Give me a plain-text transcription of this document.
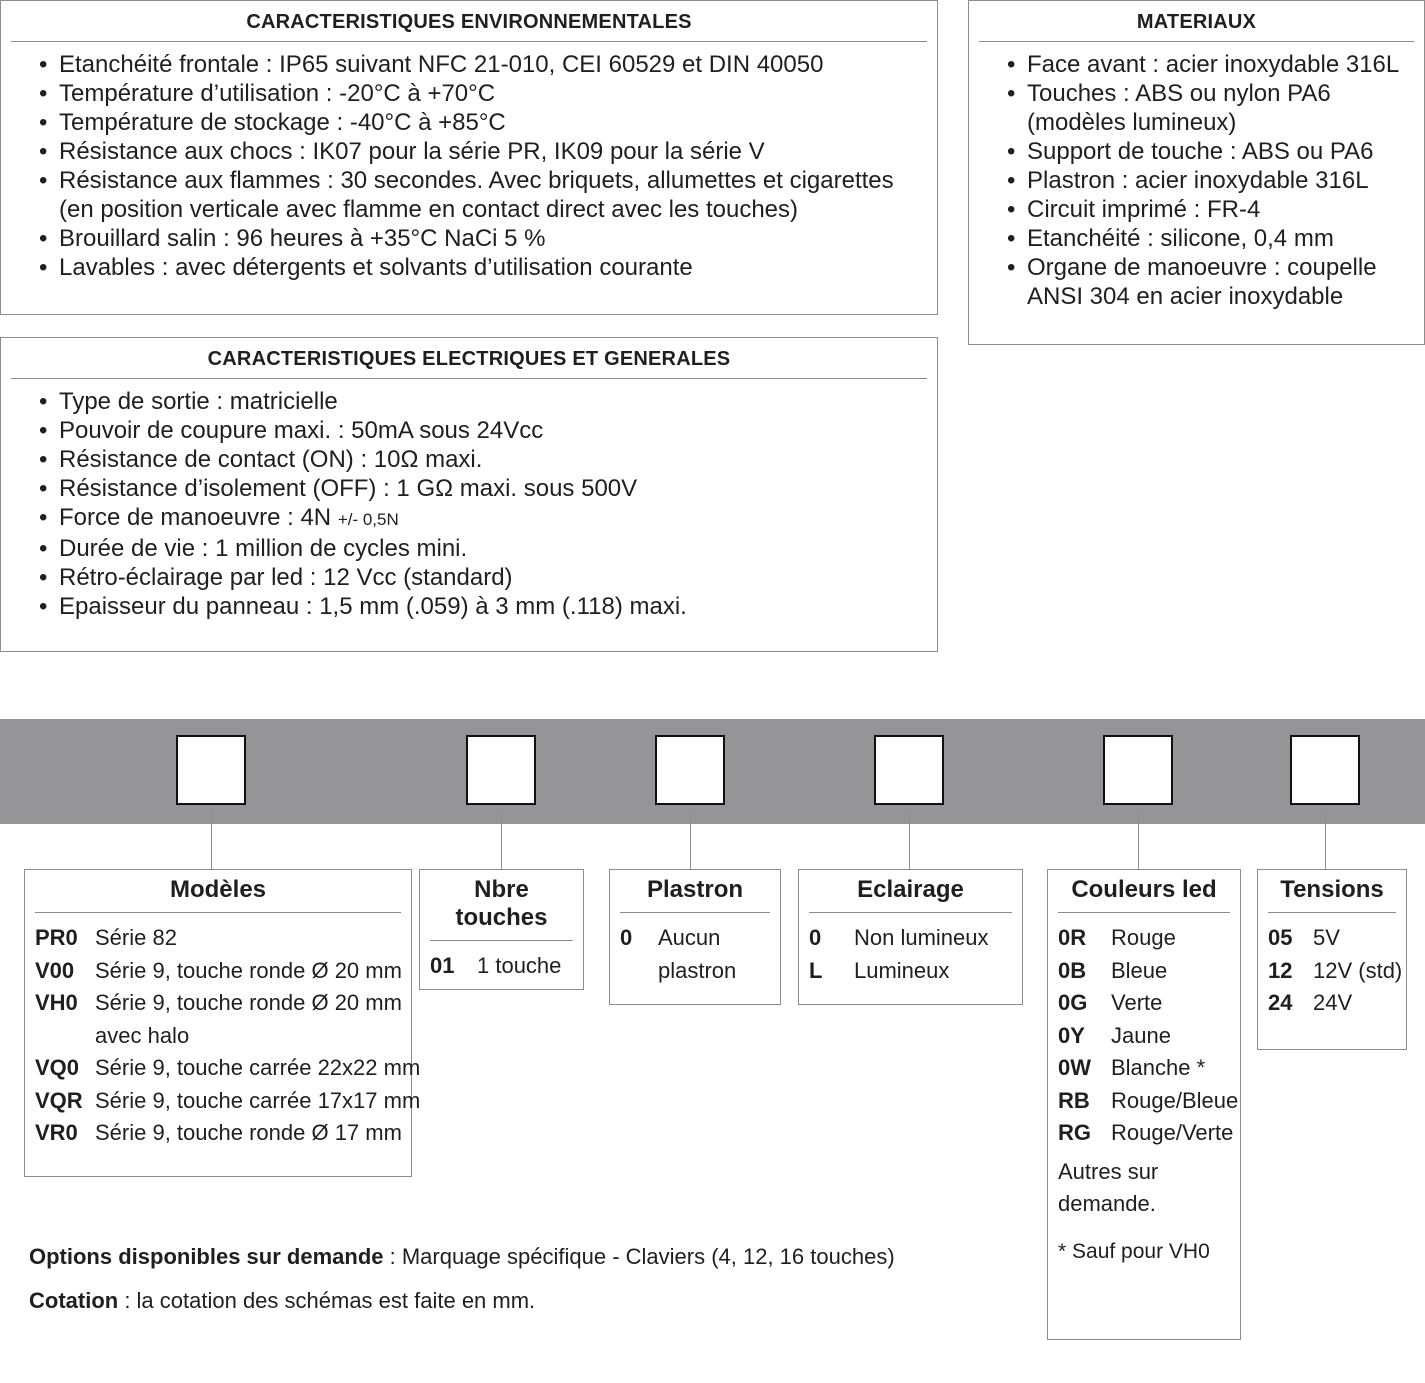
CARACTERISTIQUES ENVIRONNEMENTALES
• Etanchéité frontale : IP65 suivant NFC 21-010, CEI 60529 et DIN 40050
• Température d’utilisation : -20°C à +70°C
• Température de stockage : -40°C à +85°C
• Résistance aux chocs : IK07 pour la série PR, IK09 pour la série V
• Résistance aux flammes : 30 secondes. Avec briquets, allumettes et cigarettes
(en position verticale avec flamme en contact direct avec les touches)
• Brouillard salin : 96 heures à +35°C NaCi 5 %
• Lavables : avec détergents et solvants d’utilisation courante
MATERIAUX
• Face avant : acier inoxydable 316L
• Touches : ABS ou nylon PA6
(modèles lumineux)
• Support de touche : ABS ou PA6
• Plastron : acier inoxydable 316L
• Circuit imprimé : FR-4
• Etanchéité : silicone, 0,4 mm
• Organe de manoeuvre : coupelle
ANSI 304 en acier inoxydable
CARACTERISTIQUES ELECTRIQUES ET GENERALES
• Type de sortie : matricielle
• Pouvoir de coupure maxi. : 50mA sous 24Vcc
• Résistance de contact (ON) : 10Ω maxi.
• Résistance d’isolement (OFF) : 1 GΩ maxi. sous 500V
• Force de manoeuvre : 4N +/- 0,5N
• Durée de vie : 1 million de cycles mini.
• Rétro-éclairage par led : 12 Vcc (standard)
• Epaisseur du panneau : 1,5 mm (.059) à 3 mm (.118) maxi.
Modèles
PR0 Série 82
V00 Série 9, touche ronde Ø 20 mm
VH0 Série 9, touche ronde Ø 20 mm
avec halo
VQ0 Série 9, touche carrée 22x22 mm
VQR Série 9, touche carrée 17x17 mm
VR0 Série 9, touche ronde Ø 17 mm
Nbre touches
01	1 touche
Plastron
0	Aucun
plastron
Eclairage
0	Non lumineux
L	Lumineux
Couleurs led
0R	Rouge
0B	Bleue
0G	Verte
0Y	Jaune
0W Blanche *
RB Rouge/Bleue
RG Rouge/Verte
Autres sur
demande.
* Sauf pour VH0
Tensions
05 5V
12 12V (std)
24 24V
Options disponibles sur demande : Marquage spécifique - Claviers (4, 12, 16 touches)
Cotation : la cotation des schémas est faite en mm.
